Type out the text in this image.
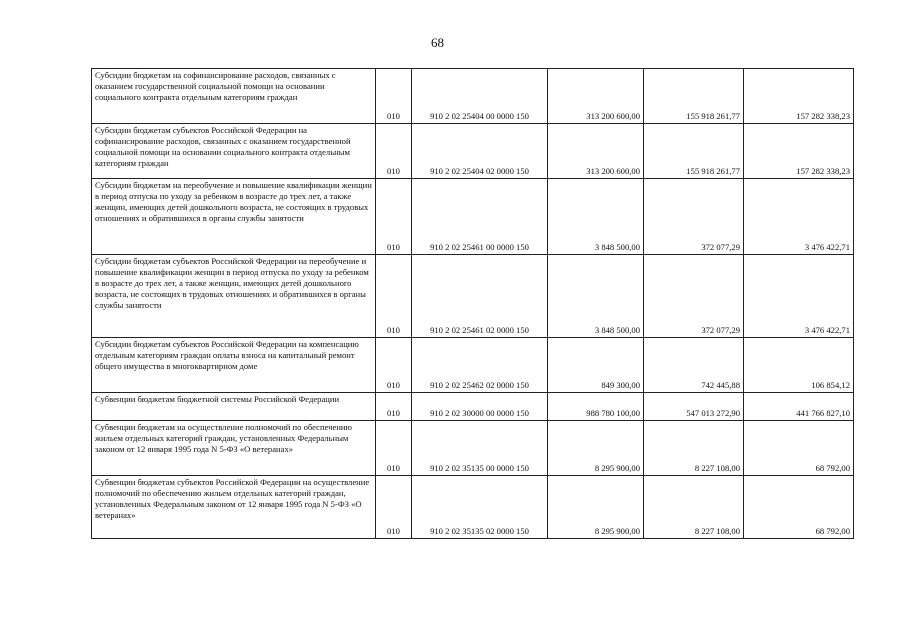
68
Субсидии бюджетам на софинансирование расходов, связанных с оказанием государственной социальной помощи на основании социального контракта отдельным категориям граждан	010	910 2 02 25404 00 0000 150	313 200 600,00	155 918 261,77	157 282 338,23
Субсидии бюджетам субъектов Российской Федерации на софинансирование расходов, связанных с оказанием государственной социальной помощи на основании социального контракта отдельным категориям граждан	010	910 2 02 25404 02 0000 150	313 200 600,00	155 918 261,77	157 282 338,23
Субсидии бюджетам на переобучение и повышение квалификации женщин в период отпуска по уходу за ребенком в возрасте до трех лет, а также женщин, имеющих детей дошкольного возраста, не состоящих в трудовых отношениях и обратившихся в органы службы занятости	010	910 2 02 25461 00 0000 150	3 848 500,00	372 077,29	3 476 422,71
Субсидии бюджетам субъектов Российской Федерации на переобучение и повышение квалификации женщин в период отпуска по уходу за ребенком в возрасте до трех лет, а также женщин, имеющих детей дошкольного возраста, не состоящих в трудовых отношениях и обратившихся в органы службы занятости	010	910 2 02 25461 02 0000 150	3 848 500,00	372 077,29	3 476 422,71
Субсидии бюджетам субъектов Российской Федерации на компенсацию отдельным категориям граждан оплаты взноса на капитальный ремонт общего имущества в многоквартирном доме	010	910 2 02 25462 02 0000 150	849 300,00	742 445,88	106 854,12
Субвенции бюджетам бюджетной системы Российской Федерации	010	910 2 02 30000 00 0000 150	988 780 100,00	547 013 272,90	441 766 827,10
Субвенции бюджетам на осуществление полномочий по обеспечению жильем отдельных категорий граждан, установленных Федеральным законом от 12 января 1995 года N 5-ФЗ «О ветеранах»	010	910 2 02 35135 00 0000 150	8 295 900,00	8 227 108,00	68 792,00
Субвенции бюджетам субъектов Российской Федерации на осуществление полномочий по обеспечению жильем отдельных категорий граждан, установленных Федеральным законом от 12 января 1995 года N 5-ФЗ «О ветеранах»	010	910 2 02 35135 02 0000 150	8 295 900,00	8 227 108,00	68 792,00
